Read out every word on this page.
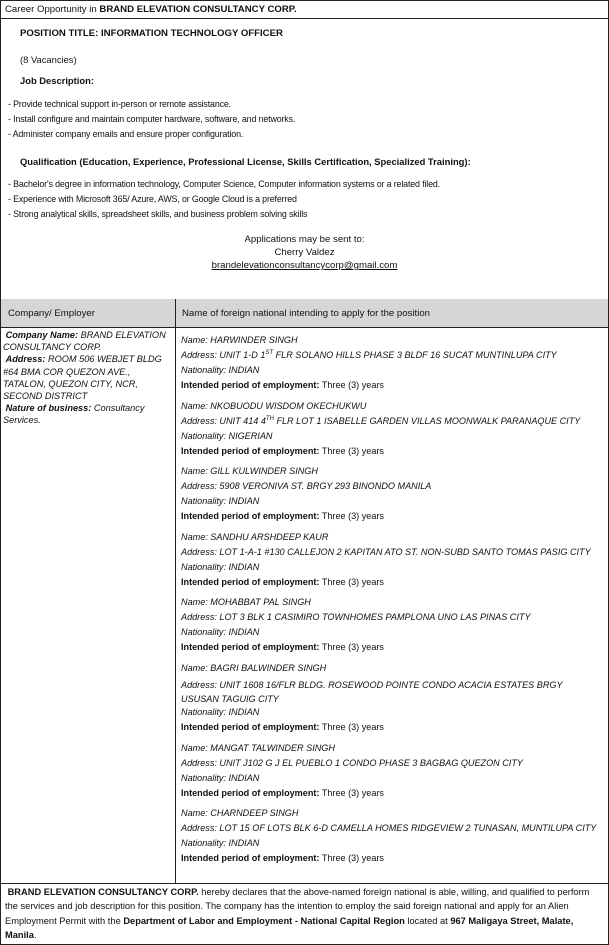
Career Opportunity in BRAND ELEVATION CONSULTANCY CORP.
POSITION TITLE: INFORMATION TECHNOLOGY OFFICER
(8 Vacancies)
Job Description:
- Provide technical support in-person or remote assistance.
- Install configure and maintain computer hardware, software, and networks.
- Administer company emails and ensure proper configuration.
Qualification (Education, Experience, Professional License, Skills Certification, Specialized Training):
- Bachelor's degree in information technology, Computer Science, Computer information systems or a related filed.
- Experience with Microsoft 365/ Azure, AWS, or Google Cloud is a preferred
- Strong analytical skills, spreadsheet skills, and business problem solving skills
Applications may be sent to:
Cherry Valdez
brandelevationconsultancycorp@gmail.com
Company/ Employer	Name of foreign national intending to apply for the position
Company Name: BRAND ELEVATION CONSULTANCY CORP.
Address: ROOM 506 WEBJET BLDG #64 BMA COR QUEZON AVE., TATALON, QUEZON CITY, NCR, SECOND DISTRICT
Nature of business: Consultancy Services.
Name: HARWINDER SINGH
Address: UNIT 1-D 1ST FLR SOLANO HILLS PHASE 3 BLDF 16 SUCAT MUNTINLUPA CITY
Nationality: INDIAN
Intended period of employment: Three (3) years
Name: NKOBUODU WISDOM OKECHUKWU
Address: UNIT 414 4TH FLR LOT 1 ISABELLE GARDEN VILLAS MOONWALK PARANAQUE CITY
Nationality: NIGERIAN
Intended period of employment: Three (3) years
Name: GILL KULWINDER SINGH
Address: 5908 VERONIVA ST. BRGY 293 BINONDO MANILA
Nationality: INDIAN
Intended period of employment: Three (3) years
Name: SANDHU ARSHDEEP KAUR
Address: LOT 1-A-1 #130 CALLEJON 2 KAPITAN ATO ST. NON-SUBD SANTO TOMAS PASIG CITY
Nationality: INDIAN
Intended period of employment: Three (3) years
Name: MOHABBAT PAL SINGH
Address: LOT 3 BLK 1 CASIMIRO TOWNHOMES PAMPLONA UNO LAS PINAS CITY
Nationality: INDIAN
Intended period of employment: Three (3) years
Name: BAGRI BALWINDER SINGH
Address: UNIT 1608 16/FLR BLDG. ROSEWOOD POINTE CONDO ACACIA ESTATES BRGY USUSAN TAGUIG CITY
Nationality: INDIAN
Intended period of employment: Three (3) years
Name: MANGAT TALWINDER SINGH
Address: UNIT J102 G J EL PUEBLO 1 CONDO PHASE 3 BAGBAG QUEZON CITY
Nationality: INDIAN
Intended period of employment: Three (3) years
Name: CHARNDEEP SINGH
Address: LOT 15 OF LOTS BLK 6-D CAMELLA HOMES RIDGEVIEW 2 TUNASAN, MUNTILUPA CITY
Nationality: INDIAN
Intended period of employment: Three (3) years
BRAND ELEVATION CONSULTANCY CORP. hereby declares that the above-named foreign national is able, willing, and qualified to perform the services and job description for this position. The company has the intention to employ the said foreign national and apply for an Alien Employment Permit with the Department of Labor and Employment - National Capital Region located at 967 Maligaya Street, Malate, Manila.
